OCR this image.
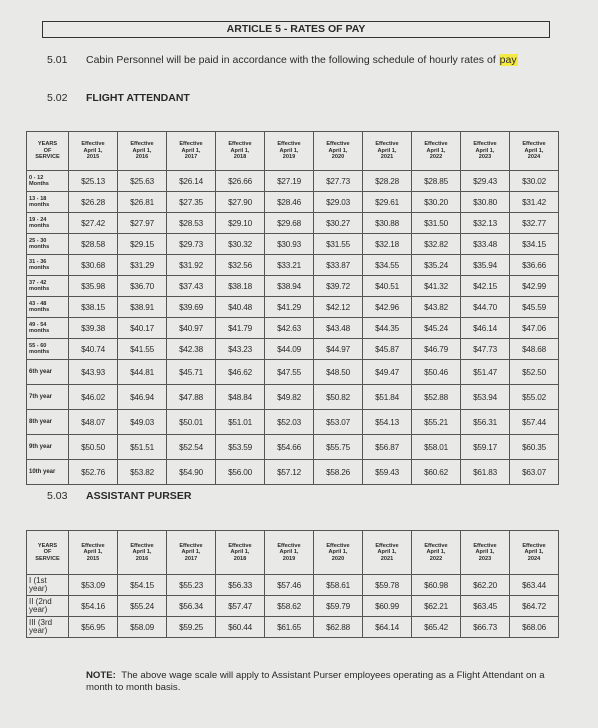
ARTICLE 5 - RATES OF PAY
5.01 Cabin Personnel will be paid in accordance with the following schedule of hourly rates of pay
5.02 FLIGHT ATTENDANT
YEARS
OF
SERVICE	Effective
April 1,
2015	Effective
April 1,
2016	Effective
April 1,
2017	Effective
April 1,
2018	Effective
April 1,
2019	Effective
April 1,
2020	Effective
April 1,
2021	Effective
April 1,
2022	Effective
April 1,
2023	Effective
April 1,
2024
0 - 12
Months	$25.13	$25.63	$26.14	$26.66	$27.19	$27.73	$28.28	$28.85	$29.43	$30.02
13 - 18
months	$26.28	$26.81	$27.35	$27.90	$28.46	$29.03	$29.61	$30.20	$30.80	$31.42
19 - 24
months	$27.42	$27.97	$28.53	$29.10	$29.68	$30.27	$30.88	$31.50	$32.13	$32.77
25 - 30
months	$28.58	$29.15	$29.73	$30.32	$30.93	$31.55	$32.18	$32.82	$33.48	$34.15
31 - 36
months	$30.68	$31.29	$31.92	$32.56	$33.21	$33.87	$34.55	$35.24	$35.94	$36.66
37 - 42
months	$35.98	$36.70	$37.43	$38.18	$38.94	$39.72	$40.51	$41.32	$42.15	$42.99
43 - 48
months	$38.15	$38.91	$39.69	$40.48	$41.29	$42.12	$42.96	$43.82	$44.70	$45.59
49 - 54
months	$39.38	$40.17	$40.97	$41.79	$42.63	$43.48	$44.35	$45.24	$46.14	$47.06
55 - 60
months	$40.74	$41.55	$42.38	$43.23	$44.09	$44.97	$45.87	$46.79	$47.73	$48.68
6th year	$43.93	$44.81	$45.71	$46.62	$47.55	$48.50	$49.47	$50.46	$51.47	$52.50
7th year	$46.02	$46.94	$47.88	$48.84	$49.82	$50.82	$51.84	$52.88	$53.94	$55.02
8th year	$48.07	$49.03	$50.01	$51.01	$52.03	$53.07	$54.13	$55.21	$56.31	$57.44
9th year	$50.50	$51.51	$52.54	$53.59	$54.66	$55.75	$56.87	$58.01	$59.17	$60.35
10th year	$52.76	$53.82	$54.90	$56.00	$57.12	$58.26	$59.43	$60.62	$61.83	$63.07
5.03 ASSISTANT PURSER
YEARS
OF
SERVICE	Effective
April 1,
2015	Effective
April 1,
2016	Effective
April 1,
2017	Effective
April 1,
2018	Effective
April 1,
2019	Effective
April 1,
2020	Effective
April 1,
2021	Effective
April 1,
2022	Effective
April 1,
2023	Effective
April 1,
2024
I (1st
year)	$53.09	$54.15	$55.23	$56.33	$57.46	$58.61	$59.78	$60.98	$62.20	$63.44
II (2nd
year)	$54.16	$55.24	$56.34	$57.47	$58.62	$59.79	$60.99	$62.21	$63.45	$64.72
III (3rd
year)	$56.95	$58.09	$59.25	$60.44	$61.65	$62.88	$64.14	$65.42	$66.73	$68.06
NOTE: The above wage scale will apply to Assistant Purser employees operating as a Flight Attendant on a month to month basis.
